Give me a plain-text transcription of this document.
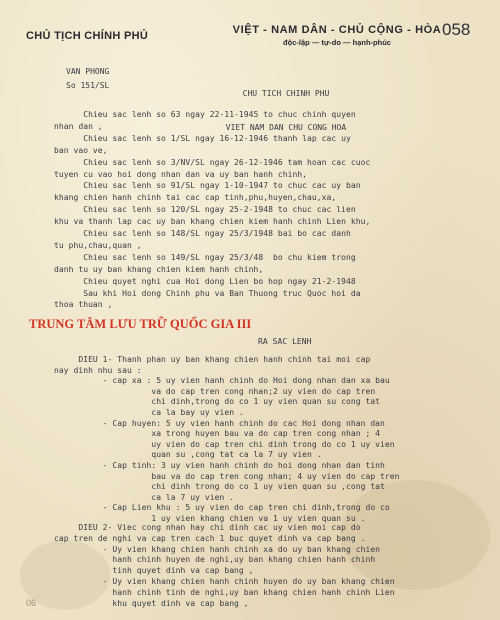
CHỦ TỊCH CHÍNH PHỦ	VIỆT - NAM DÂN - CHỦ CỘNG - HÒA
độc-lập — tự-do — hạnh-phúc
058
VAN PHONG
So 151/SL

CHU TICH CHINH PHU

VIET NAM DAN CHU CONG HOA

Chieu sac lenh so 63 ngay 22-11-1945 to chuc chinh quyen
nhan dan ,
Chieu sac lenh so 1/SL ngay 16-12-1946 thanh lap cac uy
ban vao ve,
Chieu sac lenh so 3/NV/SL ngay 26-12-1946 tam hoan cac cuoc
tuyen cu vao hoi dong nhan dan va uy ban hanh chinh,
Chieu sac lenh so 91/SL ngay 1-10-1947 to chuc cac uy ban
khang chien hanh chinh tai cac cap tinh,phu,huyen,chau,xa,
Chieu sac lenh so 120/SL ngay 25-2-1948 to chuc cac lien
khu va thanh lap cac uy ban khang chien kiem hanh chinh Lien khu,
Chieu sac lenh so 148/SL ngay 25/3/1948 bai bo cac danh
tu phu,chau,quan ,
Chieu sac lenh so 149/SL ngay 25/3/48  bo chu kiem trong
danh tu uy ban khang chien kiem hanh chinh,
Chieu quyet nghi cua Hoi dong Lien bo hop ngay 21-2-1948
Sau khi Hoi dong Chinh phu va Ban Thuong truc Quoc hoi da
thoa thuan ,
TRUNG TÂM LƯU TRỮ QUỐC GIA III
RA SAC LENH
DIEU 1- Thanh phan uy ban khang chien hanh chinh tai moi cap
nay dinh nhu sau :
- cap xa : 5 uy vien hanh chinh do Hoi dong nhan dan xa bau
va do cap tren cong nhan;2 uy vien do cap tren
chi dinh,trong do co 1 uy vien quan su cong tat
ca la bay uy vien .
- Cap huyen: 5 uy vien hanh chinh do cac Hoi dong nhan dan
xa trong huyen bau va do cap tren cong nhan ; 4
uy vien do cap tren chi dinh trong do co 1 uy vien
quan su ,cong tat ca la 7 uy vien .
- Cap tinh: 3 uy vien hanh chinh do hoi dong nhan dan tinh
bau va do cap tren cong nhan; 4 uy vien do cap tren
chi dinh trong do co 1 uy vien quan su ,cong tat
ca la 7 uy vien .
- Cap Lien khu : 5 uy vien do cap tren chi dinh,trong do co
1 uy vien khang chien va 1 uy vien quan su .
DIEU 2- Viec cong nhan hay chi dinh cac uy vien moi cap do
cap tren de nghi va cap tren cach 1 buc quyet dinh va cap bang .
- Uy vien khang chien hanh chinh xa do uy ban khang chien
hanh chinh huyen de nghi,uy ban khang chien hanh chinh
tinh quyet dinh va cap bang ,
- Uy vien khang chien hanh chinh huyen do uy ban khang chien
hanh chinh tinh de nghi,uy ban khang chien hanh chinh Lien
khu quyet dinh va cap bang ,
06
